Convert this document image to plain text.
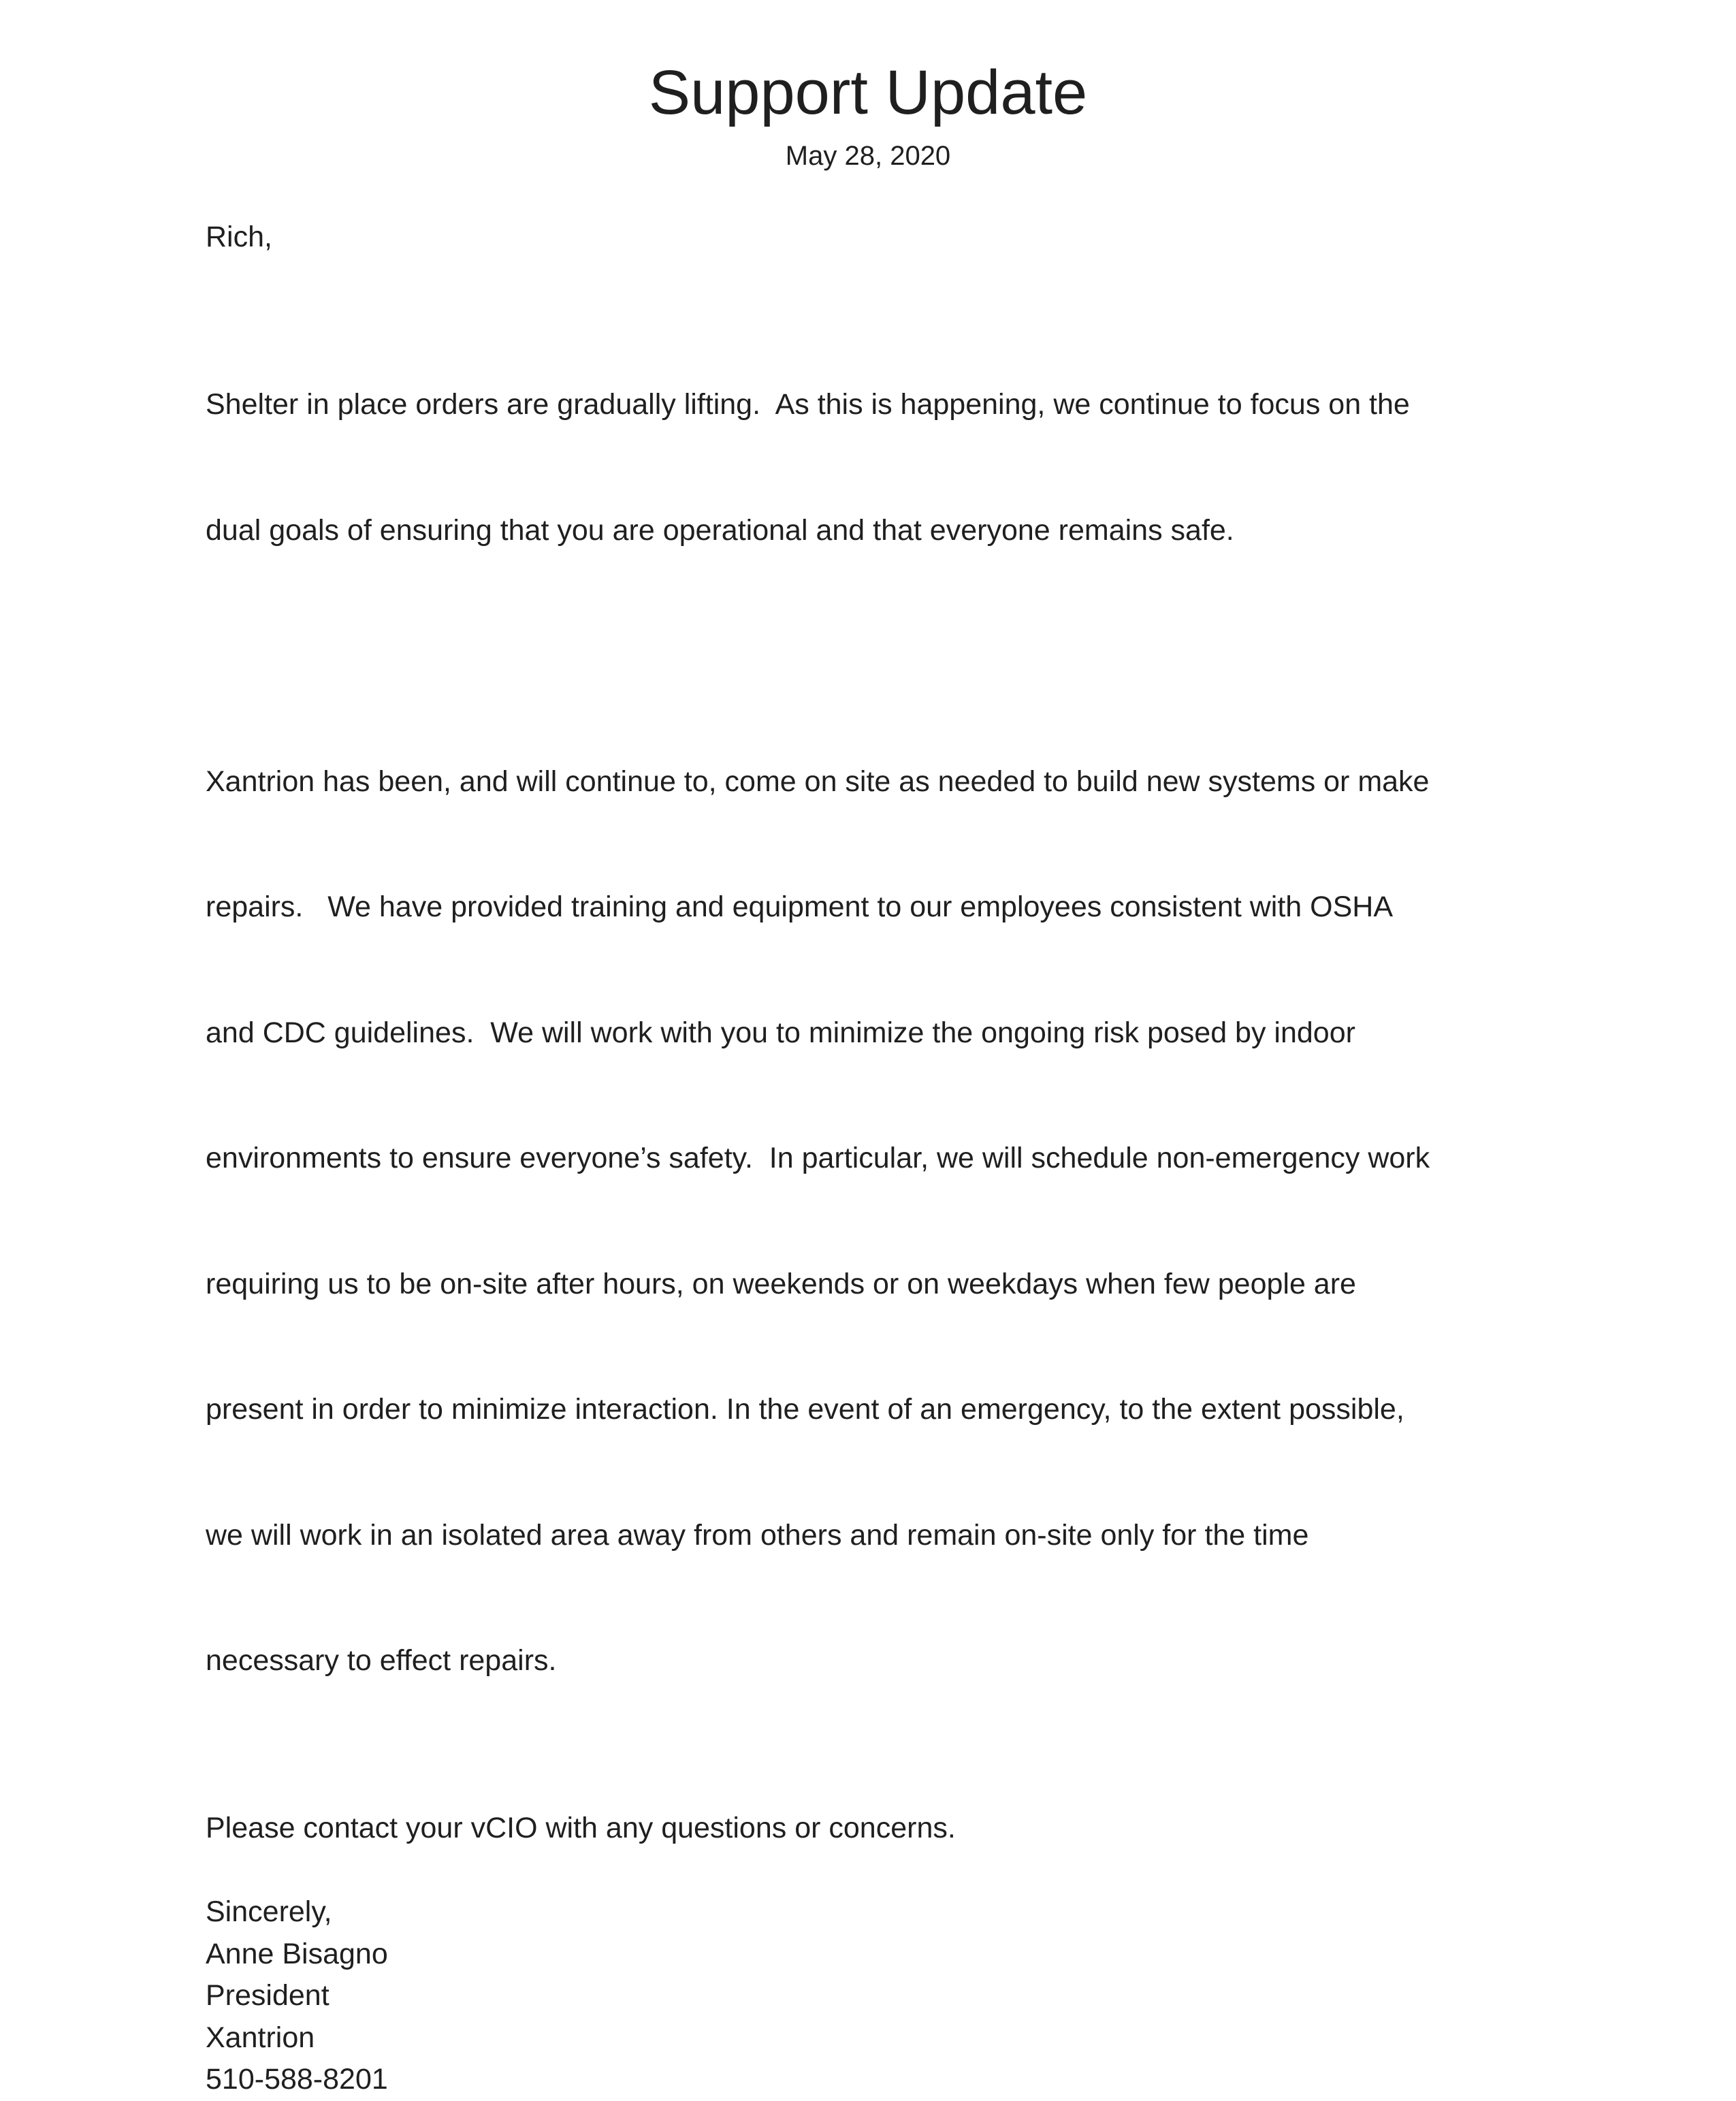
Support Update
May 28, 2020

Rich,

Shelter in place orders are gradually lifting.  As this is happening, we continue to focus on the

dual goals of ensuring that you are operational and that everyone remains safe.

Xantrion has been, and will continue to, come on site as needed to build new systems or make

repairs.   We have provided training and equipment to our employees consistent with OSHA

and CDC guidelines.  We will work with you to minimize the ongoing risk posed by indoor

environments to ensure everyone’s safety.  In particular, we will schedule non-emergency work

requiring us to be on-site after hours, on weekends or on weekdays when few people are

present in order to minimize interaction. In the event of an emergency, to the extent possible,

we will work in an isolated area away from others and remain on-site only for the time

necessary to effect repairs.

Please contact your vCIO with any questions or concerns.

Sincerely,
Anne Bisagno
President
Xantrion
510-588-8201
